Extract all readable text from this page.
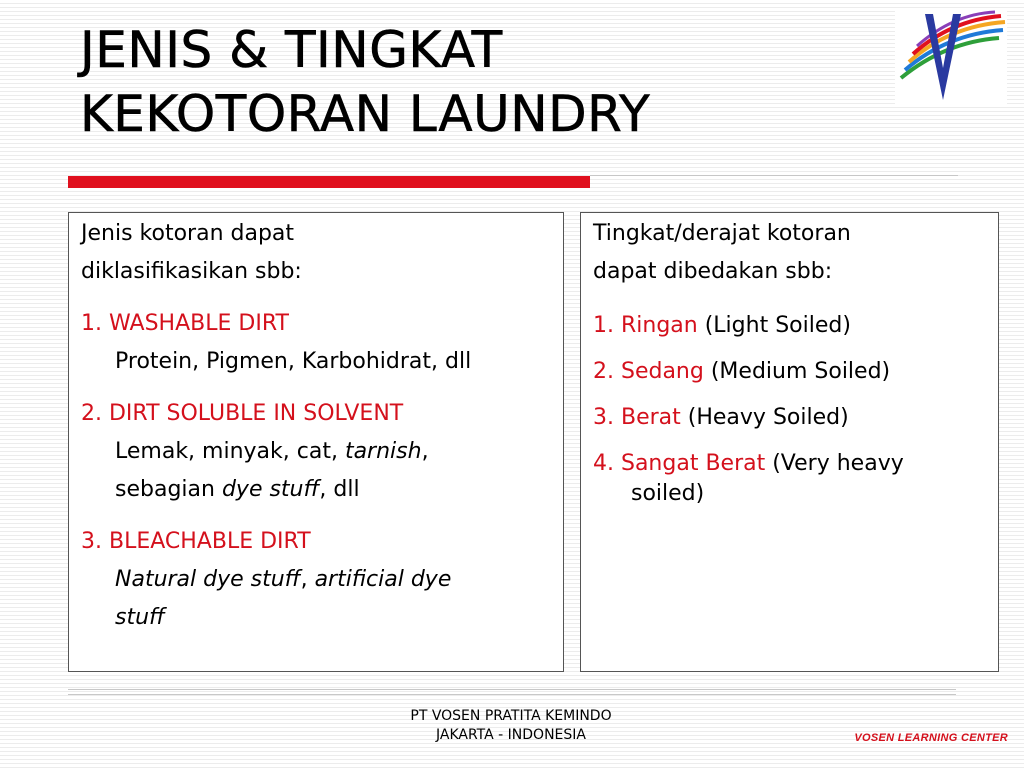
JENIS & TINGKAT
KEKOTORAN LAUNDRY

Jenis kotoran dapat

diklasifikasikan sbb:

1. WASHABLE DIRT

Protein, Pigmen, Karbohidrat, dll

2. DIRT SOLUBLE IN SOLVENT

Lemak, minyak, cat, tarnish,

sebagian dye stuff, dll

3. BLEACHABLE DIRT

Natural dye stuff, artificial dye

stuff

Tingkat/derajat kotoran

dapat dibedakan sbb:

1. Ringan (Light Soiled)

2. Sedang (Medium Soiled)

3. Berat (Heavy Soiled)

4. Sangat Berat (Very heavy

soiled)

PT VOSEN PRATITA KEMINDO
JAKARTA - INDONESIA	VOSEN LEARNING CENTER
